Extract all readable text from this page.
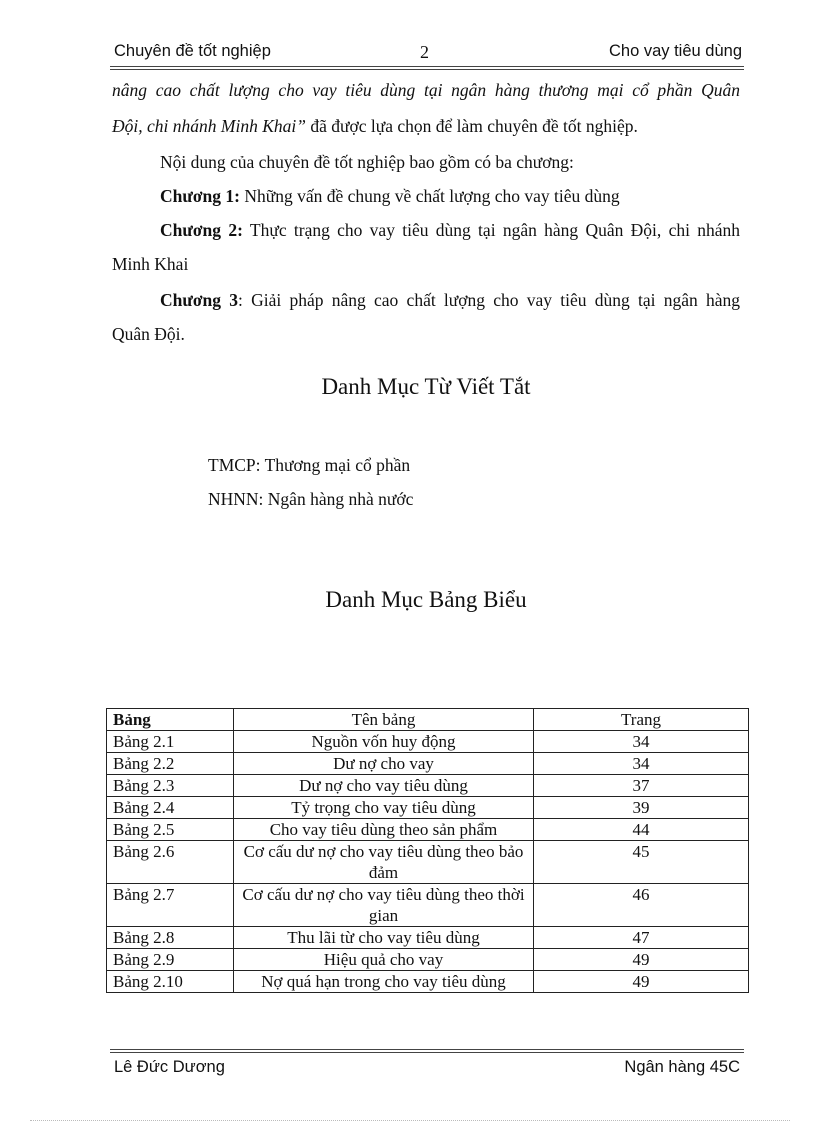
Chuyên đề tốt nghiệp	2	Cho vay tiêu dùng
nâng cao chất lượng cho vay tiêu dùng tại ngân hàng thương mại cổ phần Quân
Đội, chi nhánh Minh Khai” đã được lựa chọn để làm chuyên đề tốt nghiệp.
Nội dung của chuyên đề tốt nghiệp bao gồm có ba chương:
Chương 1: Những vấn đề chung về chất lượng cho vay tiêu dùng
Chương 2: Thực trạng cho vay tiêu dùng tại ngân hàng Quân Đội, chi nhánh
Minh Khai
Chương 3: Giải pháp nâng cao chất lượng cho vay tiêu dùng tại ngân hàng
Quân Đội.
Danh Mục Từ Viết Tắt
TMCP: Thương mại cổ phần
NHNN: Ngân hàng nhà nước
Danh Mục Bảng Biểu
Bảng	Tên bảng	Trang
Bảng 2.1	Nguồn vốn huy động	34
Bảng 2.2	Dư nợ cho vay	34
Bảng 2.3	Dư nợ cho vay tiêu dùng	37
Bảng 2.4	Tỷ trọng cho vay tiêu dùng	39
Bảng 2.5	Cho vay tiêu dùng theo sản phẩm	44
Bảng 2.6	Cơ cấu dư nợ cho vay tiêu dùng theo bảo đảm	45
Bảng 2.7	Cơ cấu dư nợ cho vay tiêu dùng theo thời gian	46
Bảng 2.8	Thu lãi từ cho vay tiêu dùng	47
Bảng 2.9	Hiệu quả cho vay	49
Bảng 2.10	Nợ quá hạn trong cho vay tiêu dùng	49
Lê Đức Dương	Ngân hàng 45C
